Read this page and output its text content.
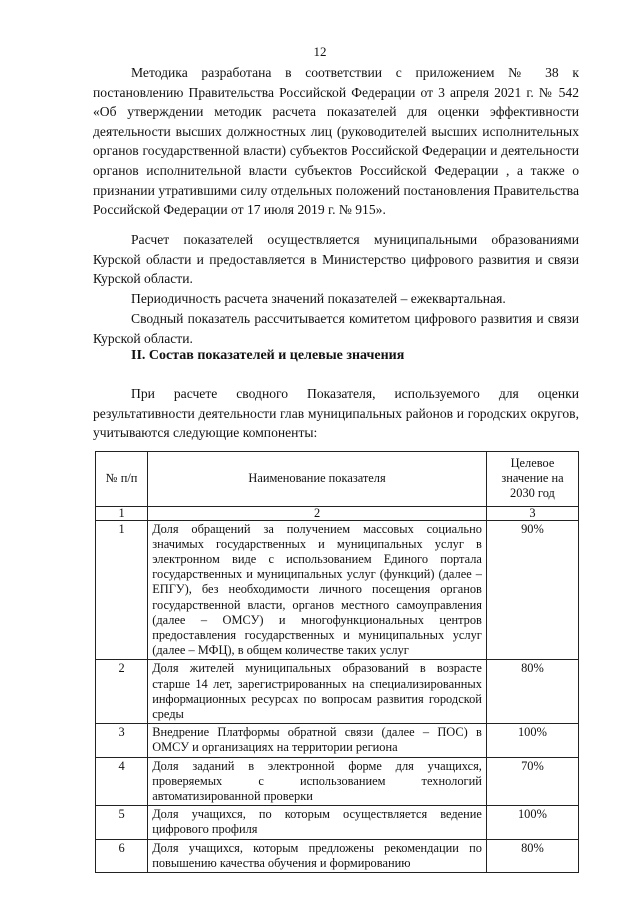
12

Методика разработана в соответствии с приложением № 38 к постановлению Правительства Российской Федерации от 3 апреля 2021 г. № 542 «Об утверждении методик расчета показателей для оценки эффективности деятельности высших должностных лиц (руководителей высших исполнительных органов государственной власти) субъектов Российской Федерации и деятельности органов исполнительной власти субъектов Российской Федерации , а также о признании утратившими силу отдельных положений постановления Правительства Российской Федерации от 17 июля 2019 г. № 915».

Расчет показателей осуществляется муниципальными образованиями Курской области и предоставляется в Министерство цифрового развития и связи Курской области.

Периодичность расчета значений показателей – ежеквартальная.

Сводный показатель рассчитывается комитетом цифрового развития и связи Курской области.

II. Состав показателей и целевые значения

При расчете сводного Показателя, используемого для оценки результативности деятельности глав муниципальных районов и городских округов, учитываются следующие компоненты:

№ п/п	Наименование показателя	Целевое значение на 2030 год
1	2	3
1	Доля обращений за получением массовых социально значимых государственных и муниципальных услуг в электронном виде с использованием Единого портала государственных и муниципальных услуг (функций) (далее – ЕПГУ), без необходимости личного посещения органов государственной власти, органов местного самоуправления (далее – ОМСУ) и многофункциональных центров предоставления государственных и муниципальных услуг (далее – МФЦ), в общем количестве таких услуг	90%
2	Доля жителей муниципальных образований в возрасте старше 14 лет, зарегистрированных на специализированных информационных ресурсах по вопросам развития городской среды	80%
3	Внедрение Платформы обратной связи (далее – ПОС) в ОМСУ и организациях на территории региона	100%
4	Доля заданий в электронной форме для учащихся, проверяемых с использованием технологий автоматизированной проверки	70%
5	Доля учащихся, по которым осуществляется ведение цифрового профиля	100%
6	Доля учащихся, которым предложены рекомендации по повышению качества обучения и формированию	80%
